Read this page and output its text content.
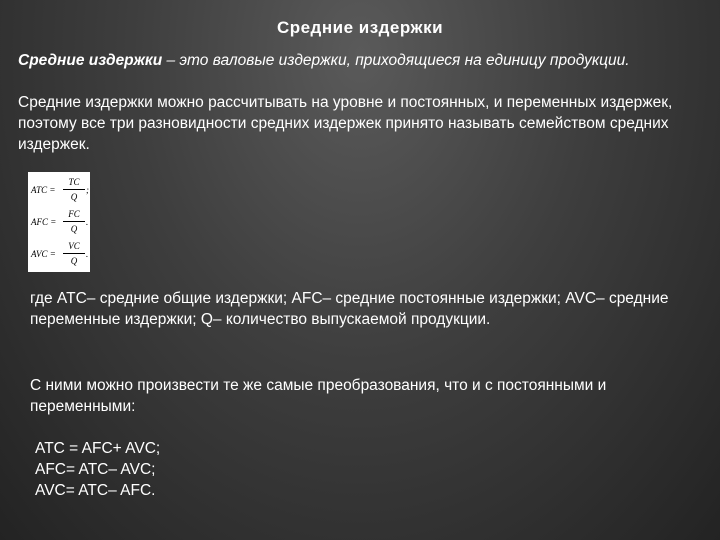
Средние издержки
Средние издержки – это валовые издержки, приходящиеся на единицу продукции.
Средние издержки можно рассчитывать на уровне и постоянных, и переменных издержек, поэтому все три разновидности средних издержек принято называть семейством средних издержек.
ATC =
TC
Q
;
AFC =
FC
Q
.
AVC =
VC
Q
.
где ATC– средние общие издержки; AFC– средние постоянные издержки; AVC– средние переменные издержки; Q– количество выпускаемой продукции.
С ними можно произвести те же самые преобразования, что и с постоянными и переменными:
ATC = AFC+ AVC;
AFC= ATC– AVC;
AVC= ATC– AFC.
